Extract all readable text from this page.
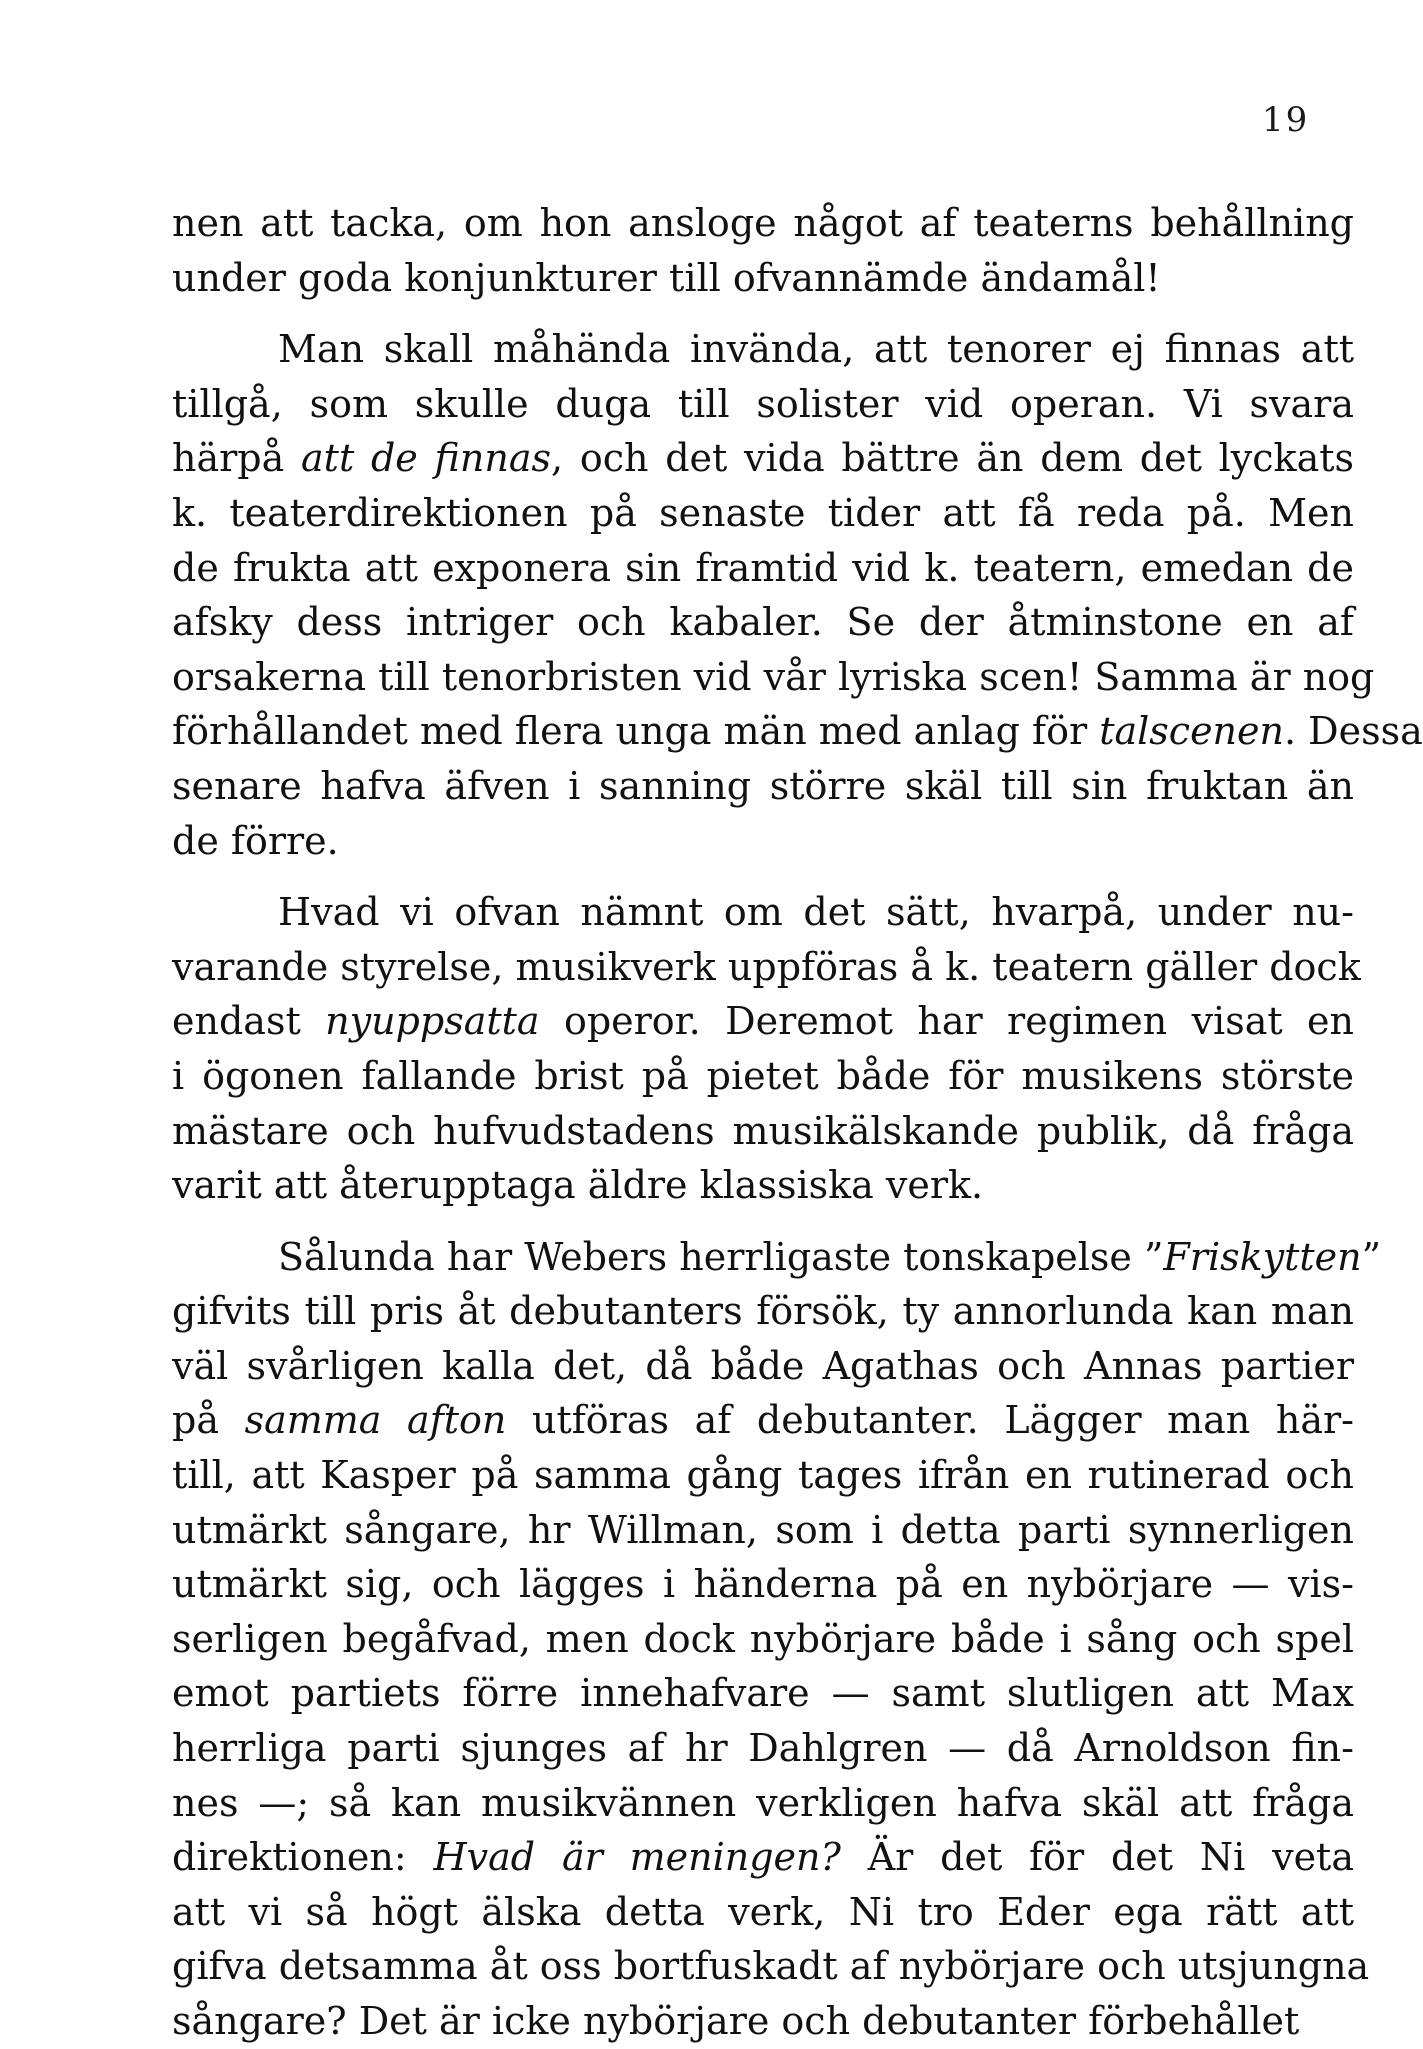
19
nen att tacka, om hon ansloge något af teaterns behållning
under goda konjunkturer till ofvannämde ändamål!
Man skall måhända invända, att tenorer ej finnas att
tillgå, som skulle duga till solister vid operan. Vi svara
härpå att de finnas, och det vida bättre än dem det lyckats
k. teaterdirektionen på senaste tider att få reda på. Men
de frukta att exponera sin framtid vid k. teatern, emedan de
afsky dess intriger och kabaler. Se der åtminstone en af
orsakerna till tenorbristen vid vår lyriska scen! Samma är nog
förhållandet med flera unga män med anlag för talscenen. Dessa
senare hafva äfven i sanning större skäl till sin fruktan än
de förre.
Hvad vi ofvan nämnt om det sätt, hvarpå, under nu-
varande styrelse, musikverk uppföras å k. teatern gäller dock
endast nyuppsatta operor. Deremot har regimen visat en
i ögonen fallande brist på pietet både för musikens störste
mästare och hufvudstadens musikälskande publik, då fråga
varit att återupptaga äldre klassiska verk.
Sålunda har Webers herrligaste tonskapelse ”Friskytten”
gifvits till pris åt debutanters försök, ty annorlunda kan man
väl svårligen kalla det, då både Agathas och Annas partier
på samma afton utföras af debutanter. Lägger man här-
till, att Kasper på samma gång tages ifrån en rutinerad och
utmärkt sångare, hr Willman, som i detta parti synnerligen
utmärkt sig, och lägges i händerna på en nybörjare — vis-
serligen begåfvad, men dock nybörjare både i sång och spel
emot partiets förre innehafvare — samt slutligen att Max
herrliga parti sjunges af hr Dahlgren — då Arnoldson fin-
nes —; så kan musikvännen verkligen hafva skäl att fråga
direktionen: Hvad är meningen? Är det för det Ni veta
att vi så högt älska detta verk, Ni tro Eder ega rätt att
gifva detsamma åt oss bortfuskadt af nybörjare och utsjungna
sångare? Det är icke nybörjare och debutanter förbehållet
